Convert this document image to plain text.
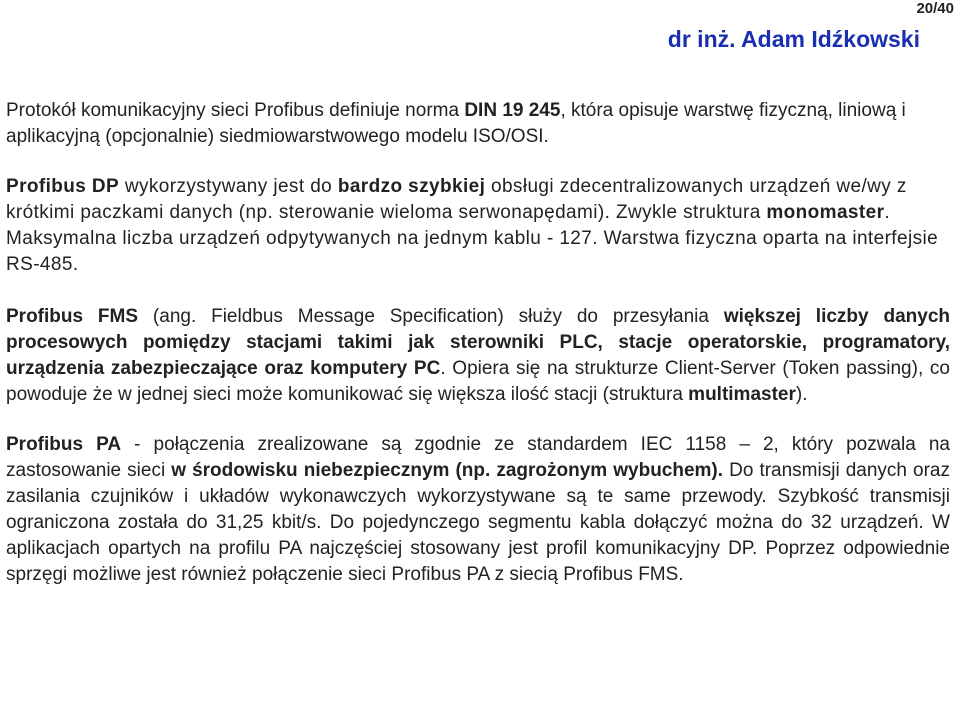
20/40
dr inż. Adam Idźkowski

Protokół komunikacyjny sieci Profibus definiuje norma DIN 19 245, która opisuje warstwę fizyczną, liniową i aplikacyjną (opcjonalnie) siedmiowarstwowego modelu ISO/OSI.

Profibus DP wykorzystywany jest do bardzo szybkiej obsługi zdecentralizowanych urządzeń we/wy z krótkimi paczkami danych (np. sterowanie wieloma serwonapędami). Zwykle struktura monomaster. Maksymalna liczba urządzeń odpytywanych na jednym kablu - 127. Warstwa fizyczna oparta na interfejsie RS-485.

Profibus FMS (ang. Fieldbus Message Specification) służy do przesyłania większej liczby danych procesowych pomiędzy stacjami takimi jak sterowniki PLC, stacje operatorskie, programatory, urządzenia zabezpieczające oraz komputery PC. Opiera się na strukturze Client-Server (Token passing), co powoduje że w jednej sieci może komunikować się większa ilość stacji (struktura multimaster).

Profibus PA - połączenia zrealizowane są zgodnie ze standardem IEC 1158 – 2, który pozwala na zastosowanie sieci w środowisku niebezpiecznym (np. zagrożonym wybuchem). Do transmisji danych oraz zasilania czujników i układów wykonawczych wykorzystywane są te same przewody. Szybkość transmisji ograniczona została do 31,25 kbit/s. Do pojedynczego segmentu kabla dołączyć można do 32 urządzeń. W aplikacjach opartych na profilu PA najczęściej stosowany jest profil komunikacyjny DP. Poprzez odpowiednie sprzęgi możliwe jest również połączenie sieci Profibus PA z siecią Profibus FMS.
